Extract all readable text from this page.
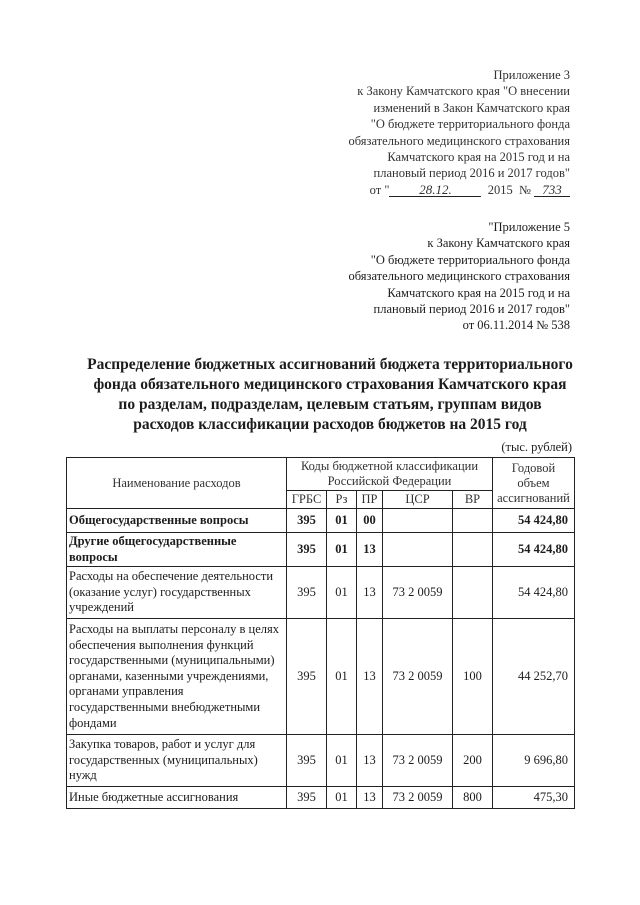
Приложение 3
к Закону Камчатского края "О внесении
изменений в Закон Камчатского края
"О бюджете территориального фонда
обязательного медицинского страхования
Камчатского края на 2015 год и на
плановый период 2016 и 2017 годов"
от " 28.12.	2015 № 733
"Приложение 5
к Закону Камчатского края
"О бюджете территориального фонда
обязательного медицинского страхования
Камчатского края на 2015 год и на
плановый период 2016 и 2017 годов"
от 06.11.2014 № 538
Распределение бюджетных ассигнований бюджета территориального
фонда обязательного медицинского страхования Камчатского края
по разделам, подразделам, целевым статьям, группам видов
расходов классификации расходов бюджетов на 2015 год
(тыс. рублей)
Наименование расходов	Коды бюджетной классификации Российской Федерации					Годовой объем ассигнований
	ГРБС	Рз	ПР	ЦСР	ВР	
Общегосударственные вопросы	395	01	00			54 424,80
Другие общегосударственные вопросы	395	01	13			54 424,80
Расходы на обеспечение деятельности (оказание услуг) государственных учреждений	395	01	13	73 2 0059		54 424,80
Расходы на выплаты персоналу в целях обеспечения выполнения функций государственными (муниципальными) органами, казенными учреждениями, органами управления государственными внебюджетными фондами	395	01	13	73 2 0059	100	44 252,70
Закупка товаров, работ и услуг для государственных (муниципальных) нужд	395	01	13	73 2 0059	200	9 696,80
Иные бюджетные ассигнования	395	01	13	73 2 0059	800	475,30
